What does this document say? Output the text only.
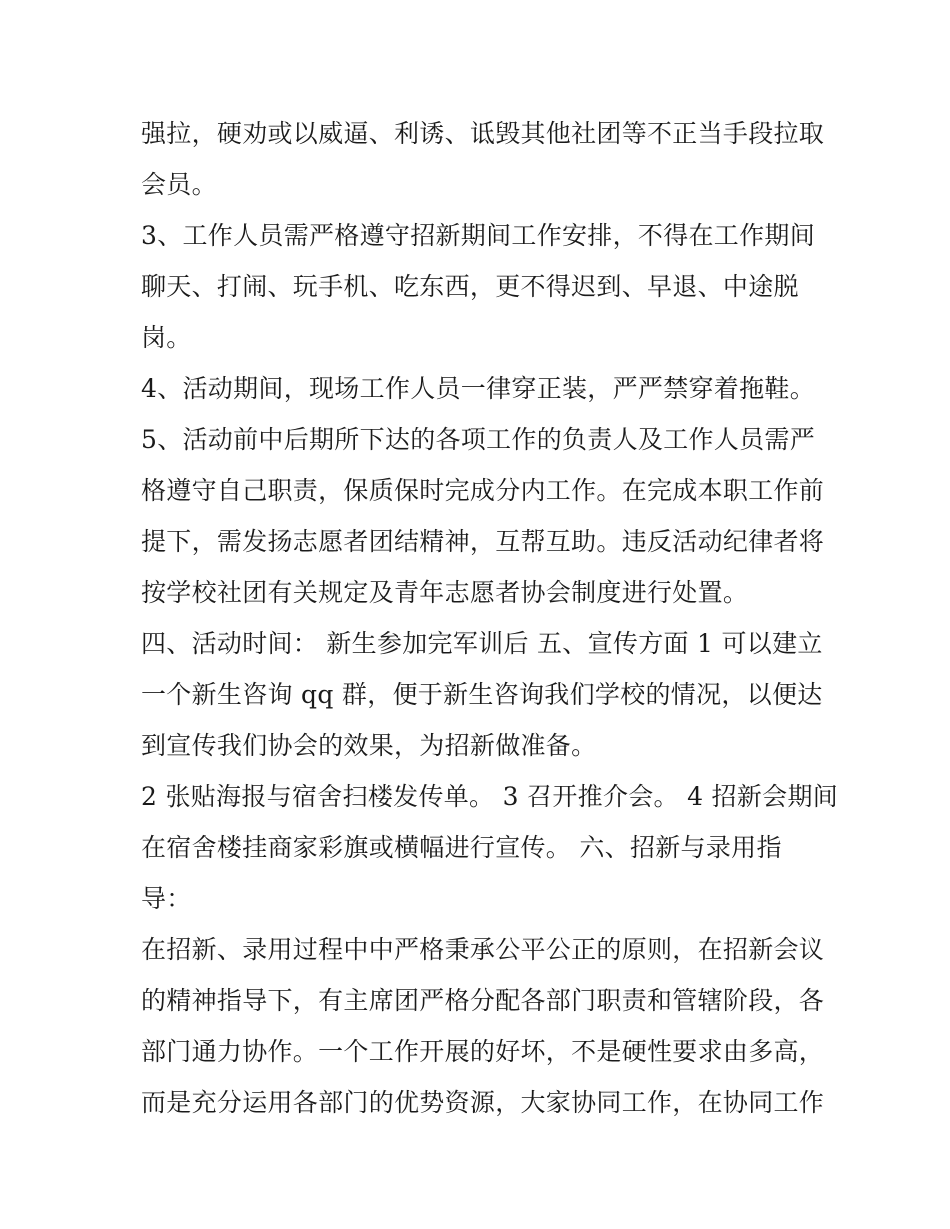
强拉，硬劝或以威逼、利诱、诋毁其他社团等不正当手段拉取
会员。
3、工作人员需严格遵守招新期间工作安排，不得在工作期间
聊天、打闹、玩手机、吃东西，更不得迟到、早退、中途脱
岗。
4、活动期间，现场工作人员一律穿正装，严严禁穿着拖鞋。
5、活动前中后期所下达的各项工作的负责人及工作人员需严
格遵守自己职责，保质保时完成分内工作。在完成本职工作前
提下，需发扬志愿者团结精神，互帮互助。违反活动纪律者将
按学校社团有关规定及青年志愿者协会制度进行处置。
四、活动时间： 新生参加完军训后 五、宣传方面 1 可以建立
一个新生咨询 qq 群，便于新生咨询我们学校的情况，以便达
到宣传我们协会的效果，为招新做准备。
2 张贴海报与宿舍扫楼发传单。 3 召开推介会。 4 招新会期间
在宿舍楼挂商家彩旗或横幅进行宣传。 六、招新与录用指
导：
在招新、录用过程中中严格秉承公平公正的原则，在招新会议
的精神指导下，有主席团严格分配各部门职责和管辖阶段，各
部门通力协作。一个工作开展的好坏，不是硬性要求由多高，
而是充分运用各部门的优势资源，大家协同工作，在协同工作
